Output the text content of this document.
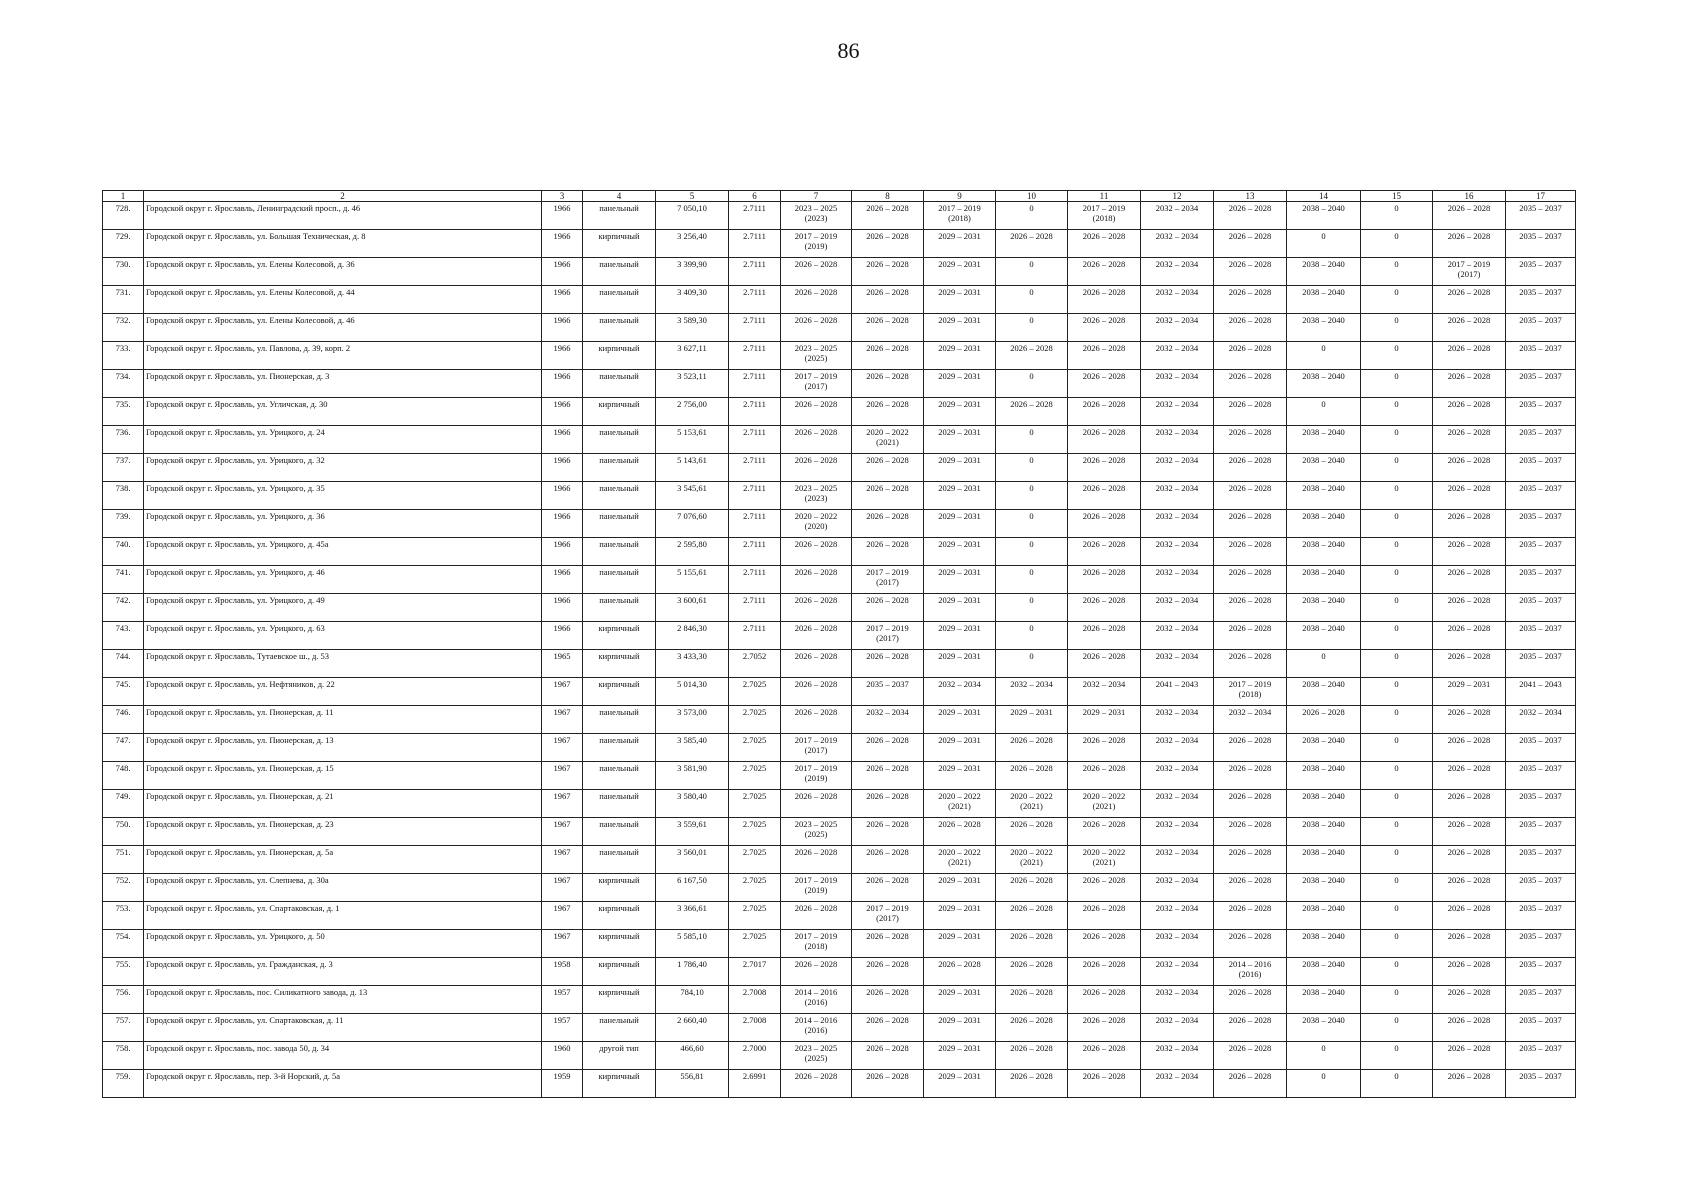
86
1	2	3	4	5	6	7	8	9	10	11	12	13	14	15	16	17
728.	Городской округ г. Ярославль, Ленинградский просп., д. 46	1966	панельный	7 050,10	2.7111	2023 – 2025
(2023)	2026 – 2028	2017 – 2019
(2018)	0	2017 – 2019
(2018)	2032 – 2034	2026 – 2028	2038 – 2040	0	2026 – 2028	2035 – 2037
729.	Городской округ г. Ярославль, ул. Большая Техническая, д. 8	1966	кирпичный	3 256,40	2.7111	2017 – 2019
(2019)	2026 – 2028	2029 – 2031	2026 – 2028	2026 – 2028	2032 – 2034	2026 – 2028	0	0	2026 – 2028	2035 – 2037
730.	Городской округ г. Ярославль, ул. Елены Колесовой, д. 36	1966	панельный	3 399,90	2.7111	2026 – 2028	2026 – 2028	2029 – 2031	0	2026 – 2028	2032 – 2034	2026 – 2028	2038 – 2040	0	2017 – 2019
(2017)	2035 – 2037
731.	Городской округ г. Ярославль, ул. Елены Колесовой, д. 44	1966	панельный	3 409,30	2.7111	2026 – 2028	2026 – 2028	2029 – 2031	0	2026 – 2028	2032 – 2034	2026 – 2028	2038 – 2040	0	2026 – 2028	2035 – 2037
732.	Городской округ г. Ярославль, ул. Елены Колесовой, д. 46	1966	панельный	3 589,30	2.7111	2026 – 2028	2026 – 2028	2029 – 2031	0	2026 – 2028	2032 – 2034	2026 – 2028	2038 – 2040	0	2026 – 2028	2035 – 2037
733.	Городской округ г. Ярославль, ул. Павлова, д. 39, корп. 2	1966	кирпичный	3 627,11	2.7111	2023 – 2025
(2025)	2026 – 2028	2029 – 2031	2026 – 2028	2026 – 2028	2032 – 2034	2026 – 2028	0	0	2026 – 2028	2035 – 2037
734.	Городской округ г. Ярославль, ул. Пионерская, д. 3	1966	панельный	3 523,11	2.7111	2017 – 2019
(2017)	2026 – 2028	2029 – 2031	0	2026 – 2028	2032 – 2034	2026 – 2028	2038 – 2040	0	2026 – 2028	2035 – 2037
735.	Городской округ г. Ярославль, ул. Угличская, д. 30	1966	кирпичный	2 756,00	2.7111	2026 – 2028	2026 – 2028	2029 – 2031	2026 – 2028	2026 – 2028	2032 – 2034	2026 – 2028	0	0	2026 – 2028	2035 – 2037
736.	Городской округ г. Ярославль, ул. Урицкого, д. 24	1966	панельный	5 153,61	2.7111	2026 – 2028	2020 – 2022
(2021)	2029 – 2031	0	2026 – 2028	2032 – 2034	2026 – 2028	2038 – 2040	0	2026 – 2028	2035 – 2037
737.	Городской округ г. Ярославль, ул. Урицкого, д. 32	1966	панельный	5 143,61	2.7111	2026 – 2028	2026 – 2028	2029 – 2031	0	2026 – 2028	2032 – 2034	2026 – 2028	2038 – 2040	0	2026 – 2028	2035 – 2037
738.	Городской округ г. Ярославль, ул. Урицкого, д. 35	1966	панельный	3 545,61	2.7111	2023 – 2025
(2023)	2026 – 2028	2029 – 2031	0	2026 – 2028	2032 – 2034	2026 – 2028	2038 – 2040	0	2026 – 2028	2035 – 2037
739.	Городской округ г. Ярославль, ул. Урицкого, д. 36	1966	панельный	7 076,60	2.7111	2020 – 2022
(2020)	2026 – 2028	2029 – 2031	0	2026 – 2028	2032 – 2034	2026 – 2028	2038 – 2040	0	2026 – 2028	2035 – 2037
740.	Городской округ г. Ярославль, ул. Урицкого, д. 45а	1966	панельный	2 595,80	2.7111	2026 – 2028	2026 – 2028	2029 – 2031	0	2026 – 2028	2032 – 2034	2026 – 2028	2038 – 2040	0	2026 – 2028	2035 – 2037
741.	Городской округ г. Ярославль, ул. Урицкого, д. 46	1966	панельный	5 155,61	2.7111	2026 – 2028	2017 – 2019
(2017)	2029 – 2031	0	2026 – 2028	2032 – 2034	2026 – 2028	2038 – 2040	0	2026 – 2028	2035 – 2037
742.	Городской округ г. Ярославль, ул. Урицкого, д. 49	1966	панельный	3 600,61	2.7111	2026 – 2028	2026 – 2028	2029 – 2031	0	2026 – 2028	2032 – 2034	2026 – 2028	2038 – 2040	0	2026 – 2028	2035 – 2037
743.	Городской округ г. Ярославль, ул. Урицкого, д. 63	1966	кирпичный	2 846,30	2.7111	2026 – 2028	2017 – 2019
(2017)	2029 – 2031	0	2026 – 2028	2032 – 2034	2026 – 2028	2038 – 2040	0	2026 – 2028	2035 – 2037
744.	Городской округ г. Ярославль, Тутаевское ш., д. 53	1965	кирпичный	3 433,30	2.7052	2026 – 2028	2026 – 2028	2029 – 2031	0	2026 – 2028	2032 – 2034	2026 – 2028	0	0	2026 – 2028	2035 – 2037
745.	Городской округ г. Ярославль, ул. Нефтяников, д. 22	1967	кирпичный	5 014,30	2.7025	2026 – 2028	2035 – 2037	2032 – 2034	2032 – 2034	2032 – 2034	2041 – 2043	2017 – 2019
(2018)	2038 – 2040	0	2029 – 2031	2041 – 2043
746.	Городской округ г. Ярославль, ул. Пионерская, д. 11	1967	панельный	3 573,00	2.7025	2026 – 2028	2032 – 2034	2029 – 2031	2029 – 2031	2029 – 2031	2032 – 2034	2032 – 2034	2026 – 2028	0	2026 – 2028	2032 – 2034
747.	Городской округ г. Ярославль, ул. Пионерская, д. 13	1967	панельный	3 585,40	2.7025	2017 – 2019
(2017)	2026 – 2028	2029 – 2031	2026 – 2028	2026 – 2028	2032 – 2034	2026 – 2028	2038 – 2040	0	2026 – 2028	2035 – 2037
748.	Городской округ г. Ярославль, ул. Пионерская, д. 15	1967	панельный	3 581,90	2.7025	2017 – 2019
(2019)	2026 – 2028	2029 – 2031	2026 – 2028	2026 – 2028	2032 – 2034	2026 – 2028	2038 – 2040	0	2026 – 2028	2035 – 2037
749.	Городской округ г. Ярославль, ул. Пионерская, д. 21	1967	панельный	3 580,40	2.7025	2026 – 2028	2026 – 2028	2020 – 2022
(2021)	2020 – 2022
(2021)	2020 – 2022
(2021)	2032 – 2034	2026 – 2028	2038 – 2040	0	2026 – 2028	2035 – 2037
750.	Городской округ г. Ярославль, ул. Пионерская, д. 23	1967	панельный	3 559,61	2.7025	2023 – 2025
(2025)	2026 – 2028	2026 – 2028	2026 – 2028	2026 – 2028	2032 – 2034	2026 – 2028	2038 – 2040	0	2026 – 2028	2035 – 2037
751.	Городской округ г. Ярославль, ул. Пионерская, д. 5а	1967	панельный	3 560,01	2.7025	2026 – 2028	2026 – 2028	2020 – 2022
(2021)	2020 – 2022
(2021)	2020 – 2022
(2021)	2032 – 2034	2026 – 2028	2038 – 2040	0	2026 – 2028	2035 – 2037
752.	Городской округ г. Ярославль, ул. Слепнева, д. 30а	1967	кирпичный	6 167,50	2.7025	2017 – 2019
(2019)	2026 – 2028	2029 – 2031	2026 – 2028	2026 – 2028	2032 – 2034	2026 – 2028	2038 – 2040	0	2026 – 2028	2035 – 2037
753.	Городской округ г. Ярославль, ул. Спартаковская, д. 1	1967	кирпичный	3 366,61	2.7025	2026 – 2028	2017 – 2019
(2017)	2029 – 2031	2026 – 2028	2026 – 2028	2032 – 2034	2026 – 2028	2038 – 2040	0	2026 – 2028	2035 – 2037
754.	Городской округ г. Ярославль, ул. Урицкого, д. 50	1967	кирпичный	5 585,10	2.7025	2017 – 2019
(2018)	2026 – 2028	2029 – 2031	2026 – 2028	2026 – 2028	2032 – 2034	2026 – 2028	2038 – 2040	0	2026 – 2028	2035 – 2037
755.	Городской округ г. Ярославль, ул. Гражданская, д. 3	1958	кирпичный	1 786,40	2.7017	2026 – 2028	2026 – 2028	2026 – 2028	2026 – 2028	2026 – 2028	2032 – 2034	2014 – 2016
(2016)	2038 – 2040	0	2026 – 2028	2035 – 2037
756.	Городской округ г. Ярославль, пос. Силикатного завода, д. 13	1957	кирпичный	784,10	2.7008	2014 – 2016
(2016)	2026 – 2028	2029 – 2031	2026 – 2028	2026 – 2028	2032 – 2034	2026 – 2028	2038 – 2040	0	2026 – 2028	2035 – 2037
757.	Городской округ г. Ярославль, ул. Спартаковская, д. 11	1957	панельный	2 660,40	2.7008	2014 – 2016
(2016)	2026 – 2028	2029 – 2031	2026 – 2028	2026 – 2028	2032 – 2034	2026 – 2028	2038 – 2040	0	2026 – 2028	2035 – 2037
758.	Городской округ г. Ярославль, пос. завода 50, д. 34	1960	другой тип	466,60	2.7000	2023 – 2025
(2025)	2026 – 2028	2029 – 2031	2026 – 2028	2026 – 2028	2032 – 2034	2026 – 2028	0	0	2026 – 2028	2035 – 2037
759.	Городской округ г. Ярославль, пер. 3-й Норский, д. 5а	1959	кирпичный	556,81	2.6991	2026 – 2028	2026 – 2028	2029 – 2031	2026 – 2028	2026 – 2028	2032 – 2034	2026 – 2028	0	0	2026 – 2028	2035 – 2037
